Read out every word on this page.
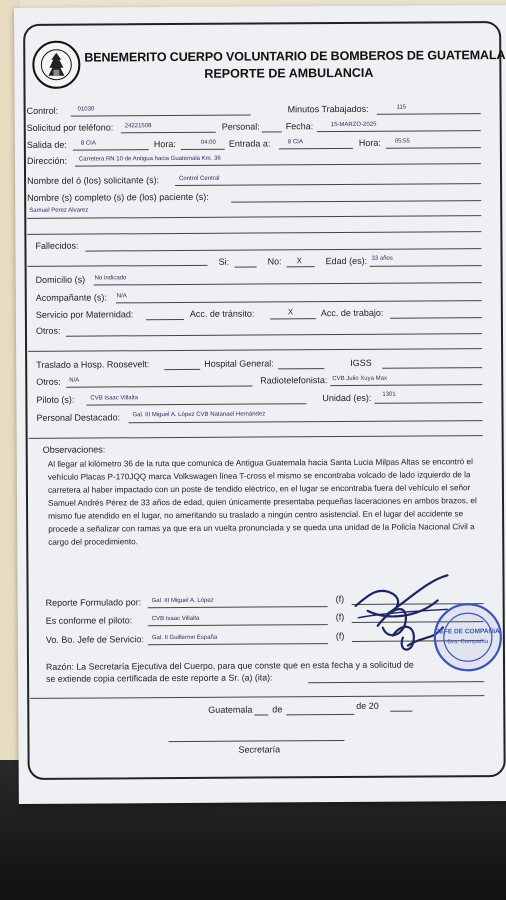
BENEMERITO CUERPO VOLUNTARIO DE BOMBEROS DE GUATEMALA
REPORTE DE AMBULANCIA
Control:	01030	Minutos Trabajados:	115
Solicitud por teléfono: 24221508	Personal:	Fecha:	15-MARZO-2025
Salida de: 8 CIA	Hora:	04:00 Entrada a:	8 CIA	Hora: 05:55
Dirección: Carretera RN 10 de Antigua hacia Guatemala Km. 36
Nombre del ó (los) solicitante (s):	Control Central
Nombre (s) completo (s) de (los) paciente (s):
Samuel Perez Alvarez
Fallecidos:
Si:	No: X	Edad (es): 33 años
Domicilio (s) No indicado
Acompañante (s): N/A
Servicio por Maternidad:	Acc. de tránsito:	X	Acc. de trabajo:
Otros:
Traslado a Hosp. Roosevelt:	Hospital General:	IGSS
Otros: N/A	Radiotelefonista: CVB Julio Xuya Max
Piloto (s):	CVB Isaac Villalta	Unidad (es): 1301
Personal Destacado: Gal. III Miguel A. López CVB Natanael Hernández
Observaciones:
Al llegar al kilómetro 36 de la ruta que comunica de Antigua Guatemala hacia Santa Lucia Milpas Altas se encontró el vehículo Placas P-170JQQ marca Volkswagen línea T-cross el mismo se encontraba volcado de lado izquierdo de la carretera al haber impactado con un poste de tendido eléctrico, en el lugar se encontraba fuera del vehículo el señor Samuel Andrés Pérez de 33 años de edad, quien únicamente presentaba pequeñas laceraciones en ambos brazos, el mismo fue atendido en el lugar, no ameritando su traslado a ningún centro asistencial. En el lugar del accidente se procede a señalizar con ramas ya que era un vuelta pronunciada y se queda una unidad de la Policía Nacional Civil a cargo del procedimiento.
Reporte Formulado por: Gal. III Miguel A. López	(f)
Es conforme el piloto:	CVB Isaac Villalta	(f)
Vo. Bo. Jefe de Servicio: Gal. II Guillermo España	(f)
Razón: La Secretaría Ejecutiva del Cuerpo, para que conste que en esta fecha y a solicitud de
se extiende copia certificada de este reporte a Sr. (a) (ita):
Guatemala de	de 20
Secretaría
JEFE DE COMPAÑIA
8va. Compañía
